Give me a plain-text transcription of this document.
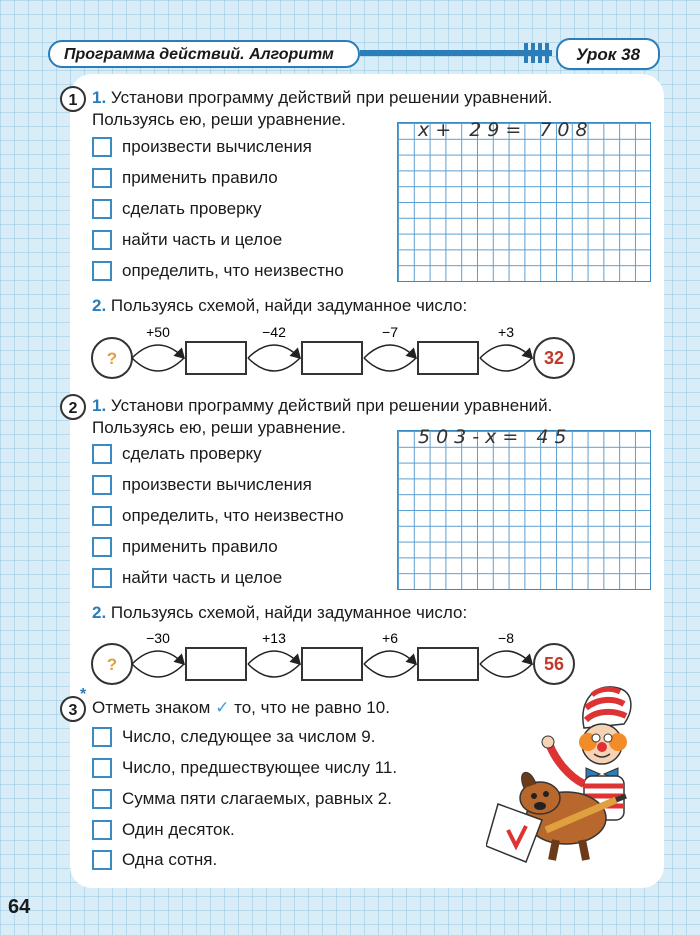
Программа действий. Алгоритм	Урок 38
1 1. Установи программу действий при решении уравнений.
Пользуясь ею, реши уравнение.
произвести вычисления
применить правило
сделать проверку
найти часть и целое
определить, что неизвестно
x+ 29= 708
2. Пользуясь схемой, найди задуманное число:
?	32
+50	−42	−7	+3
2 1. Установи программу действий при решении уравнений.
Пользуясь ею, реши уравнение.
сделать проверку
произвести вычисления
определить, что неизвестно
применить правило
найти часть и целое
503-x= 45
2. Пользуясь схемой, найди задуманное число:
?	56
−30	+13	+6	−8
3
*
Отметь знаком ✓ то, что не равно 10.
Число, следующее за числом 9.
Число, предшествующее числу 11.
Сумма пяти слагаемых, равных 2.
Один десяток.
Одна сотня.
64
